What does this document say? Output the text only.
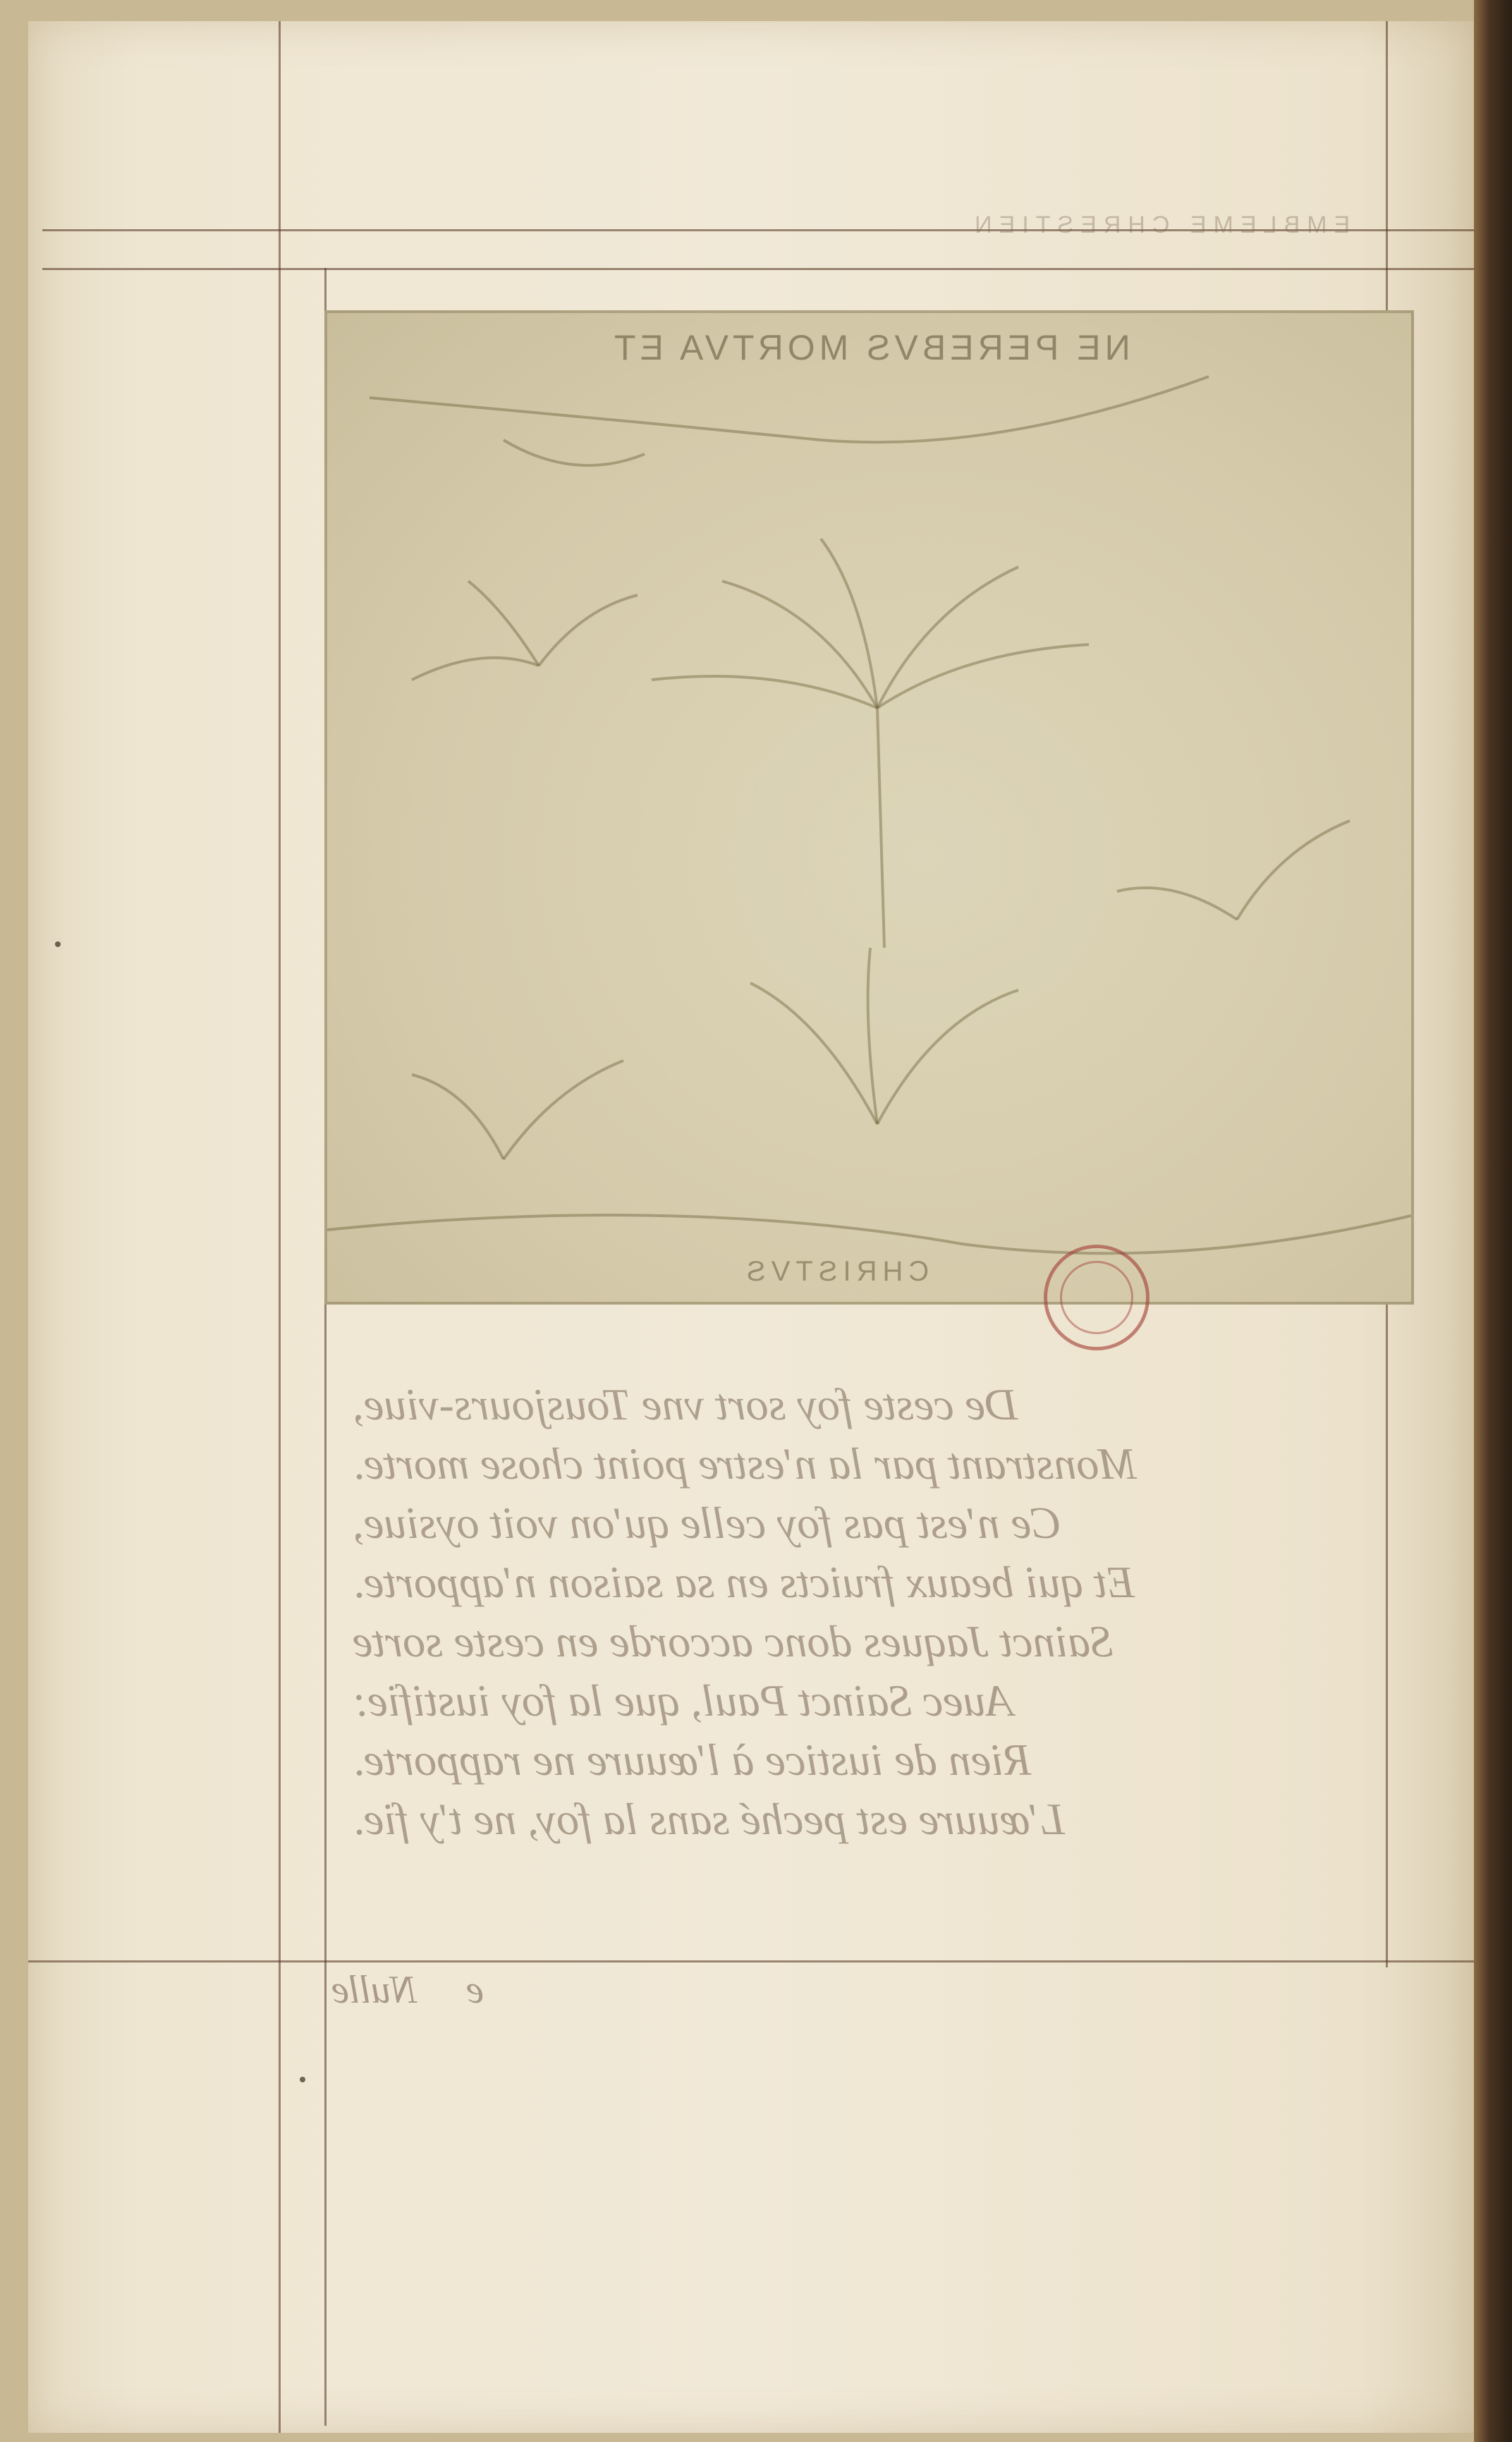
EMBLEME CHRESTIEN
NE PEREBVS MORTVA ET
CHRISTVS
De ceste foy sort vne Tousjours-viue,
Monstrant par la n'estre point chose morte.
Ce n'est pas foy celle qu'on voit oysiue,
Et qui beaux fruicts en sa saison n'apporte.
Sainct Jaques donc accorde en ceste sorte
Auec Sainct Paul, que la foy iustifie:
Rien de iustice à l'œuure ne rapporte.
L'œuure est peché sans la foy, ne t'y fie.
Nulle e
